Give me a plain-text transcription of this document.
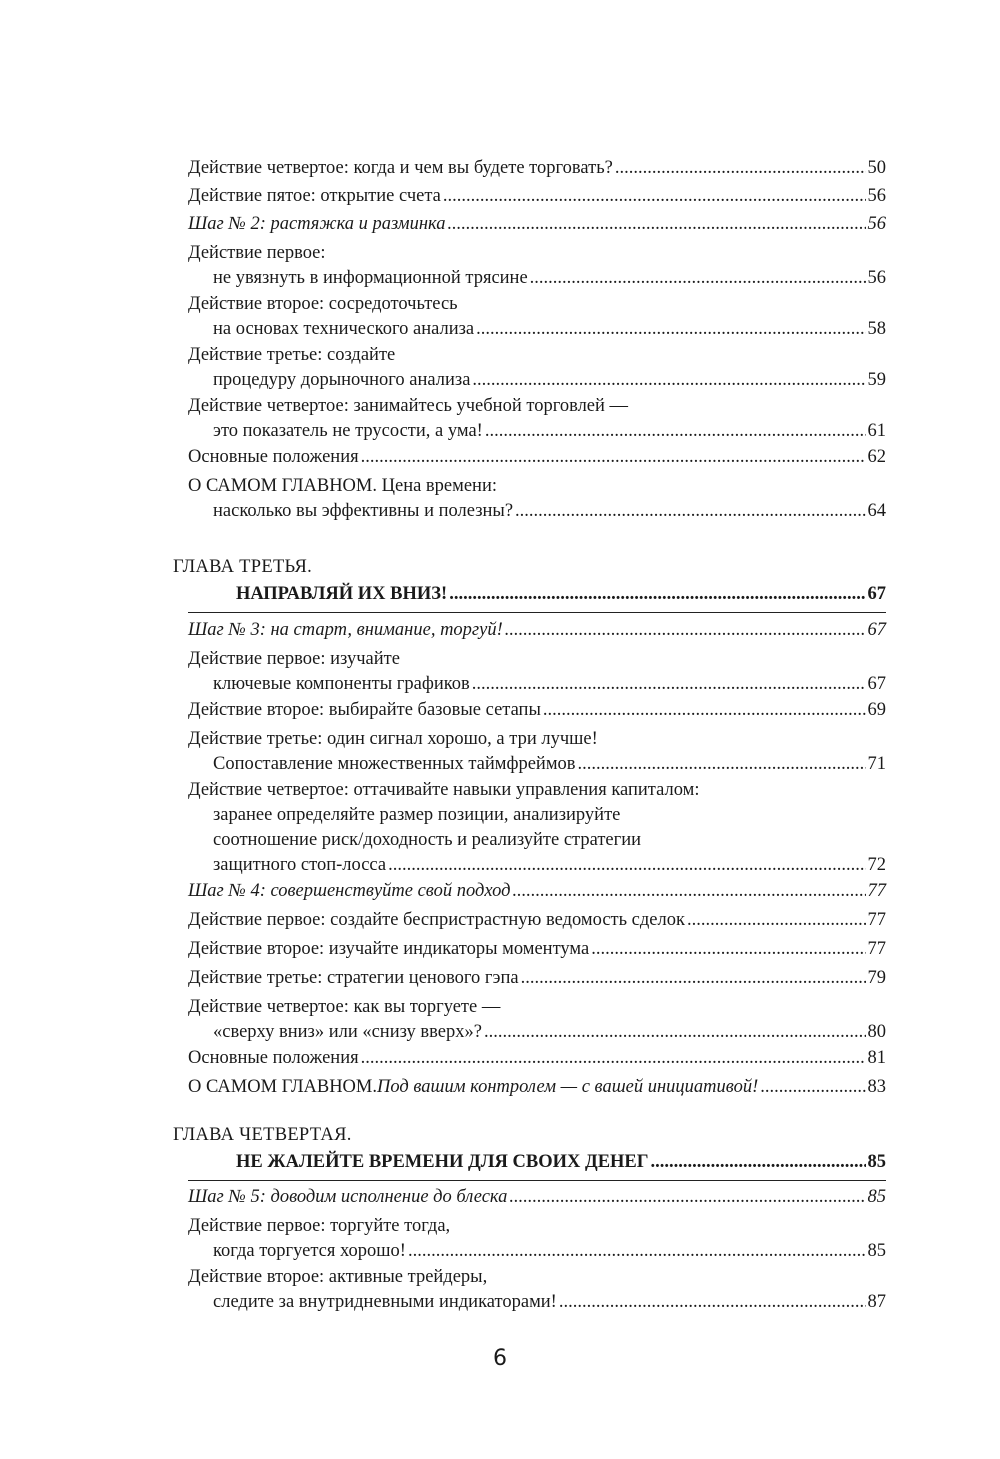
Действие четвертое: когда и чем вы будете торговать? .....	50
Действие пятое: открытие счета .....	56
Шаг № 2: растяжка и разминка .....	56
Действие первое:
не увязнуть в информационной трясине .....	56
Действие второе: сосредоточьтесь
на основах технического анализа .....	58
Действие третье: создайте
процедуру дорыночного анализа .....	59
Действие четвертое: занимайтесь учебной торговлей —
это показатель не трусости, а ума! .....	61
Основные положения .....	62
О САМОМ ГЛАВНОМ. Цена времени:
насколько вы эффективны и полезны? .....	64
ГЛАВА ТРЕТЬЯ.
НАПРАВЛЯЙ ИХ ВНИЗ! .....	67
Шаг № 3: на старт, внимание, торгуй! .....	67
Действие первое: изучайте
ключевые компоненты графиков .....	67
Действие второе: выбирайте базовые сетапы .....	69
Действие третье: один сигнал хорошо, а три лучше!
Сопоставление множественных таймфреймов .....	71
Действие четвертое: оттачивайте навыки управления капиталом:
заранее определяйте размер позиции, анализируйте
соотношение риск/доходность и реализуйте стратегии
защитного стоп-лосса .....	72
Шаг № 4: совершенствуйте свой подход .....	77
Действие первое: создайте беспристрастную ведомость сделок .....	77
Действие второе: изучайте индикаторы моментума .....	77
Действие третье: стратегии ценового гэпа .....	79
Действие четвертое: как вы торгуете —
«сверху вниз» или «снизу вверх»? .....	80
Основные положения .....	81
О САМОМ ГЛАВНОМ. Под вашим контролем — с вашей инициативой! .....	83
ГЛАВА ЧЕТВЕРТАЯ.
НЕ ЖАЛЕЙТЕ ВРЕМЕНИ ДЛЯ СВОИХ ДЕНЕГ .....	85
Шаг № 5: доводим исполнение до блеска .....	85
Действие первое: торгуйте тогда,
когда торгуется хорошо! .....	85
Действие второе: активные трейдеры,
следите за внутридневными индикаторами! .....	87
6
